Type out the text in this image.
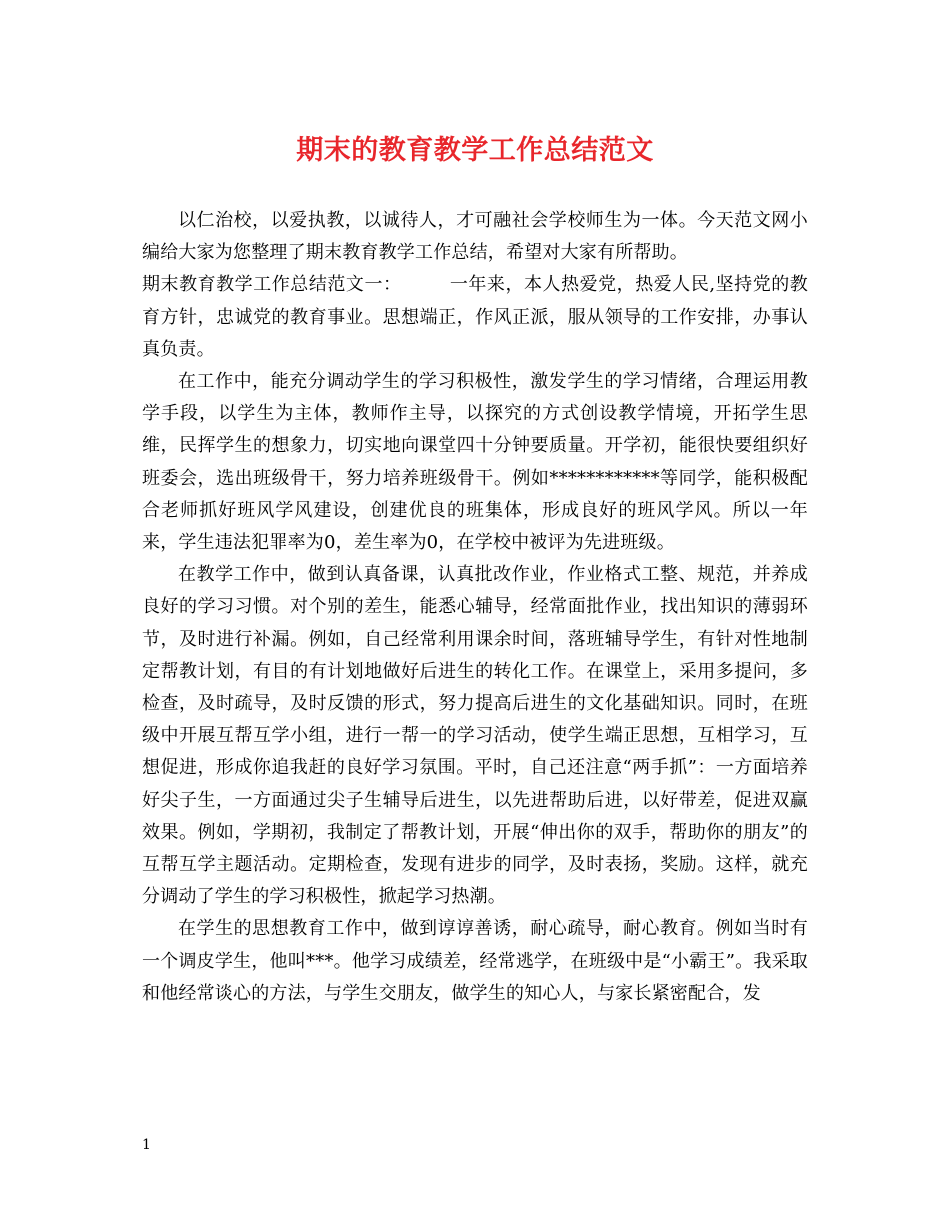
期末的教育教学工作总结范文

以仁治校，以爱执教，以诚待人，才可融社会学校师生为一体。今天范文网小编给大家为您整理了期末教育教学工作总结，希望对大家有所帮助。

期末教育教学工作总结范文一：	一年来，本人热爱党，热爱人民,坚持党的教育方针，忠诚党的教育事业。思想端正，作风正派，服从领导的工作安排，办事认真负责。

在工作中，能充分调动学生的学习积极性，激发学生的学习情绪，合理运用教学手段，以学生为主体，教师作主导，以探究的方式创设教学情境，开拓学生思维，民挥学生的想象力，切实地向课堂四十分钟要质量。开学初，能很快要组织好班委会，选出班级骨干，努力培养班级骨干。例如************等同学，能积极配合老师抓好班风学风建设，创建优良的班集体，形成良好的班风学风。所以一年来，学生违法犯罪率为0，差生率为0，在学校中被评为先进班级。

在教学工作中，做到认真备课，认真批改作业，作业格式工整、规范，并养成良好的学习习惯。对个别的差生，能悉心辅导，经常面批作业，找出知识的薄弱环节，及时进行补漏。例如，自己经常利用课余时间，落班辅导学生，有针对性地制定帮教计划，有目的有计划地做好后进生的转化工作。在课堂上，采用多提问，多检查，及时疏导，及时反馈的形式，努力提高后进生的文化基础知识。同时，在班级中开展互帮互学小组，进行一帮一的学习活动，使学生端正思想，互相学习，互想促进，形成你追我赶的良好学习氛围。平时，自己还注意“两手抓”：一方面培养好尖子生，一方面通过尖子生辅导后进生，以先进帮助后进，以好带差，促进双赢效果。例如，学期初，我制定了帮教计划，开展“伸出你的双手，帮助你的朋友”的互帮互学主题活动。定期检查，发现有进步的同学，及时表扬，奖励。这样，就充分调动了学生的学习积极性，掀起学习热潮。

在学生的思想教育工作中，做到谆谆善诱，耐心疏导，耐心教育。例如当时有一个调皮学生，他叫***。他学习成绩差，经常逃学，在班级中是“小霸王”。我采取和他经常谈心的方法，与学生交朋友，做学生的知心人，与家长紧密配合，发

1
